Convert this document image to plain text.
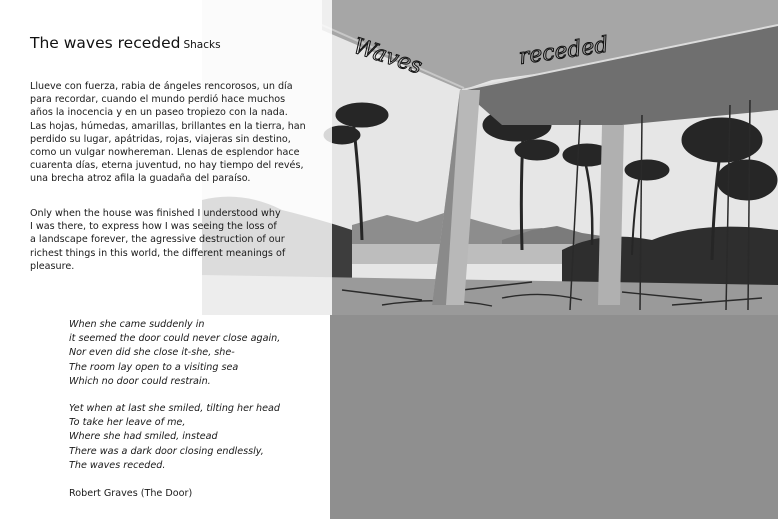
Waves	receded
The waves receded Shacks

Llueve con fuerza, rabia de ángeles rencorosos, un día
para recordar, cuando el mundo perdió hace muchos
años la inocencia y en un paseo tropiezo con la nada.
Las hojas, húmedas, amarillas, brillantes en la tierra, han
perdido su lugar, apátridas, rojas, viajeras sin destino,
como un vulgar nowhereman. Llenas de esplendor hace
cuarenta días, eterna juventud, no hay tiempo del revés,
una brecha atroz afila la guadaña del paraíso.

Only when the house was finished I understood why
I was there, to express how I was seeing the loss of
a landscape forever, the agressive destruction of our
richest things in this world, the different meanings of
pleasure.

When she came suddenly in
it seemed the door could never close again,
Nor even did she close it-she, she-
The room lay open to a visiting sea
Which no door could restrain.

Yet when at last she smiled, tilting her head
To take her leave of me,
Where she had smiled, instead
There was a dark door closing endlessly,
The waves receded.

Robert Graves (The Door)
